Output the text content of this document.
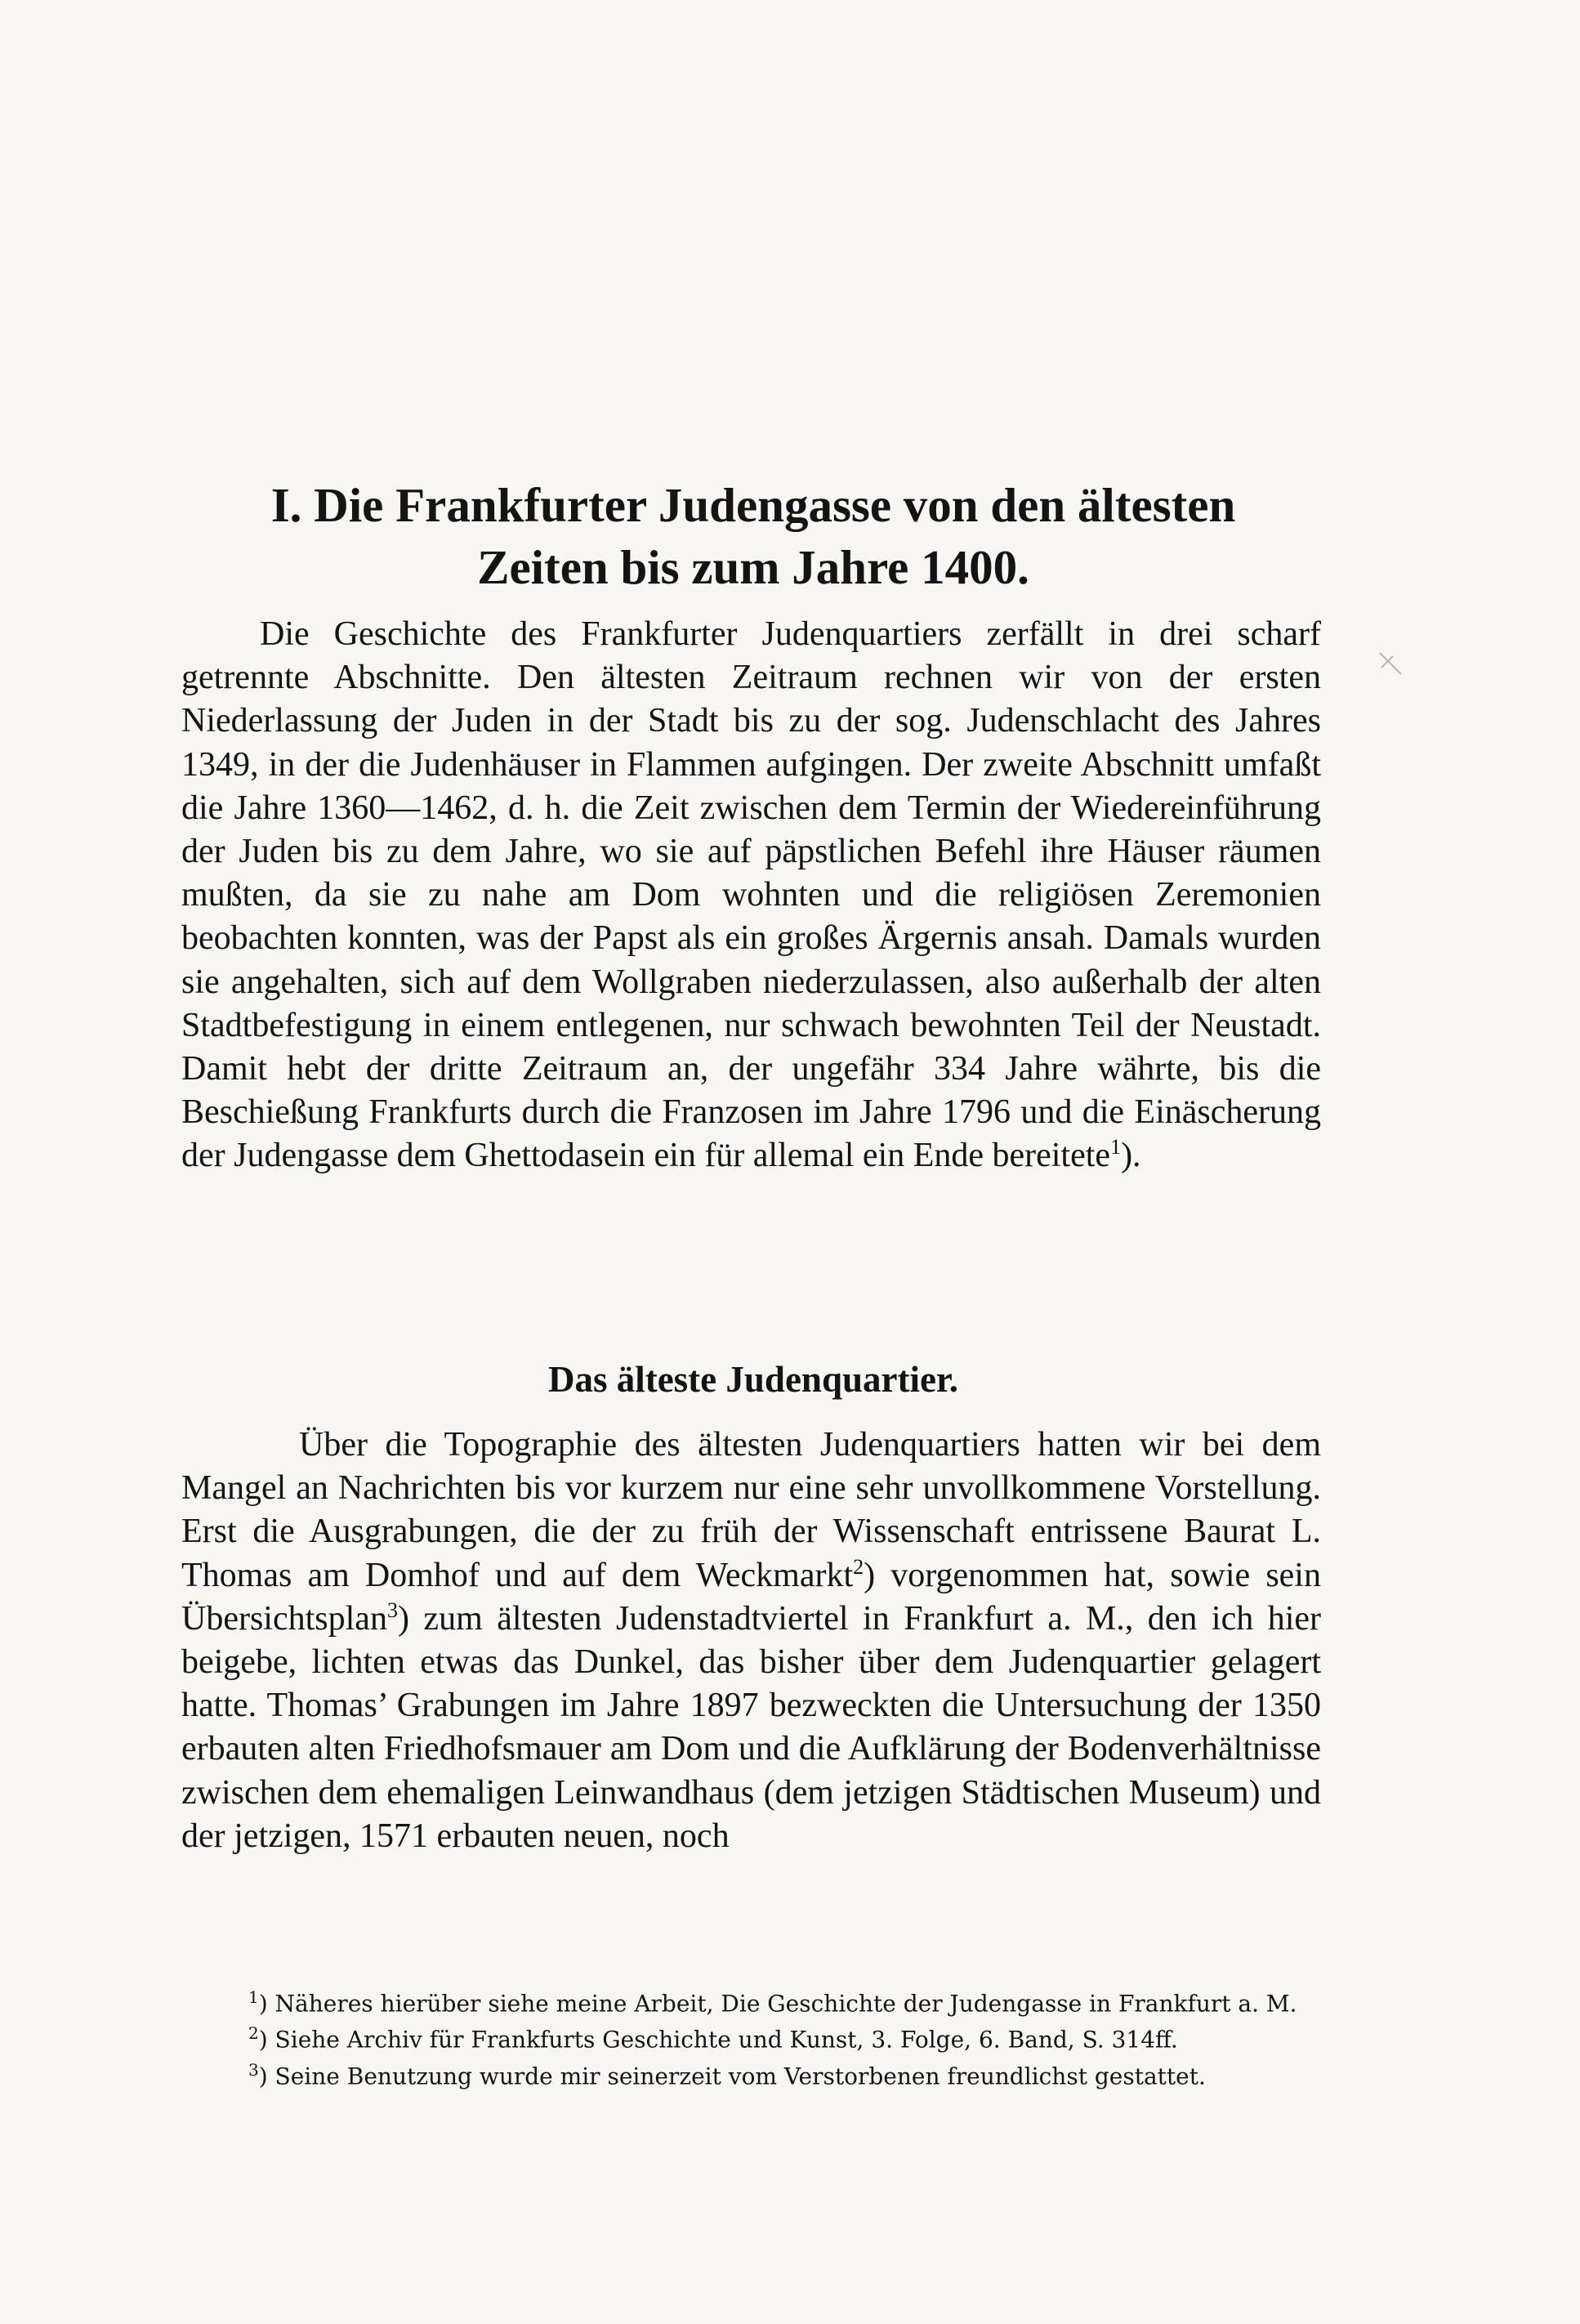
I. Die Frankfurter Judengasse von den ältesten
Zeiten bis zum Jahre 1400.

Die Geschichte des Frankfurter Judenquartiers zerfällt in drei scharf getrennte Abschnitte. Den ältesten Zeitraum rechnen wir von der ersten Niederlassung der Juden in der Stadt bis zu der sog. Judenschlacht des Jahres 1349, in der die Judenhäuser in Flammen aufgingen. Der zweite Abschnitt umfaßt die Jahre 1360—1462, d. h. die Zeit zwischen dem Termin der Wiedereinführung der Juden bis zu dem Jahre, wo sie auf päpstlichen Befehl ihre Häuser räumen mußten, da sie zu nahe am Dom wohnten und die religiösen Zeremonien beobachten konnten, was der Papst als ein großes Ärgernis ansah. Damals wurden sie angehalten, sich auf dem Wollgraben niederzulassen, also außerhalb der alten Stadtbefestigung in einem entlegenen, nur schwach bewohnten Teil der Neustadt. Damit hebt der dritte Zeitraum an, der ungefähr 334 Jahre währte, bis die Beschießung Frankfurts durch die Franzosen im Jahre 1796 und die Einäscherung der Judengasse dem Ghettodasein ein für allemal ein Ende bereitete$^1$).

Das älteste Judenquartier.

Über die Topographie des ältesten Judenquartiers hatten wir bei dem Mangel an Nachrichten bis vor kurzem nur eine sehr unvollkommene Vorstellung. Erst die Ausgrabungen, die der zu früh der Wissenschaft entrissene Baurat L. Thomas am Domhof und auf dem Weckmarkt$^2$) vorgenommen hat, sowie sein Übersichtsplan$^3$) zum ältesten Judenstadtviertel in Frankfurt a. M., den ich hier beigebe, lichten etwas das Dunkel, das bisher über dem Judenquartier gelagert hatte. Thomas’ Grabungen im Jahre 1897 bezweckten die Untersuchung der 1350 erbauten alten Friedhofsmauer am Dom und die Aufklärung der Bodenverhältnisse zwischen dem ehemaligen Leinwandhaus (dem jetzigen Städtischen Museum) und der jetzigen, 1571 erbauten neuen, noch

$^1$) Näheres hierüber siehe meine Arbeit, Die Geschichte der Judengasse in Frankfurt a. M.

$^2$) Siehe Archiv für Frankfurts Geschichte und Kunst, 3. Folge, 6. Band, S. 314ff.

$^3$) Seine Benutzung wurde mir seinerzeit vom Verstorbenen freundlichst gestattet.
